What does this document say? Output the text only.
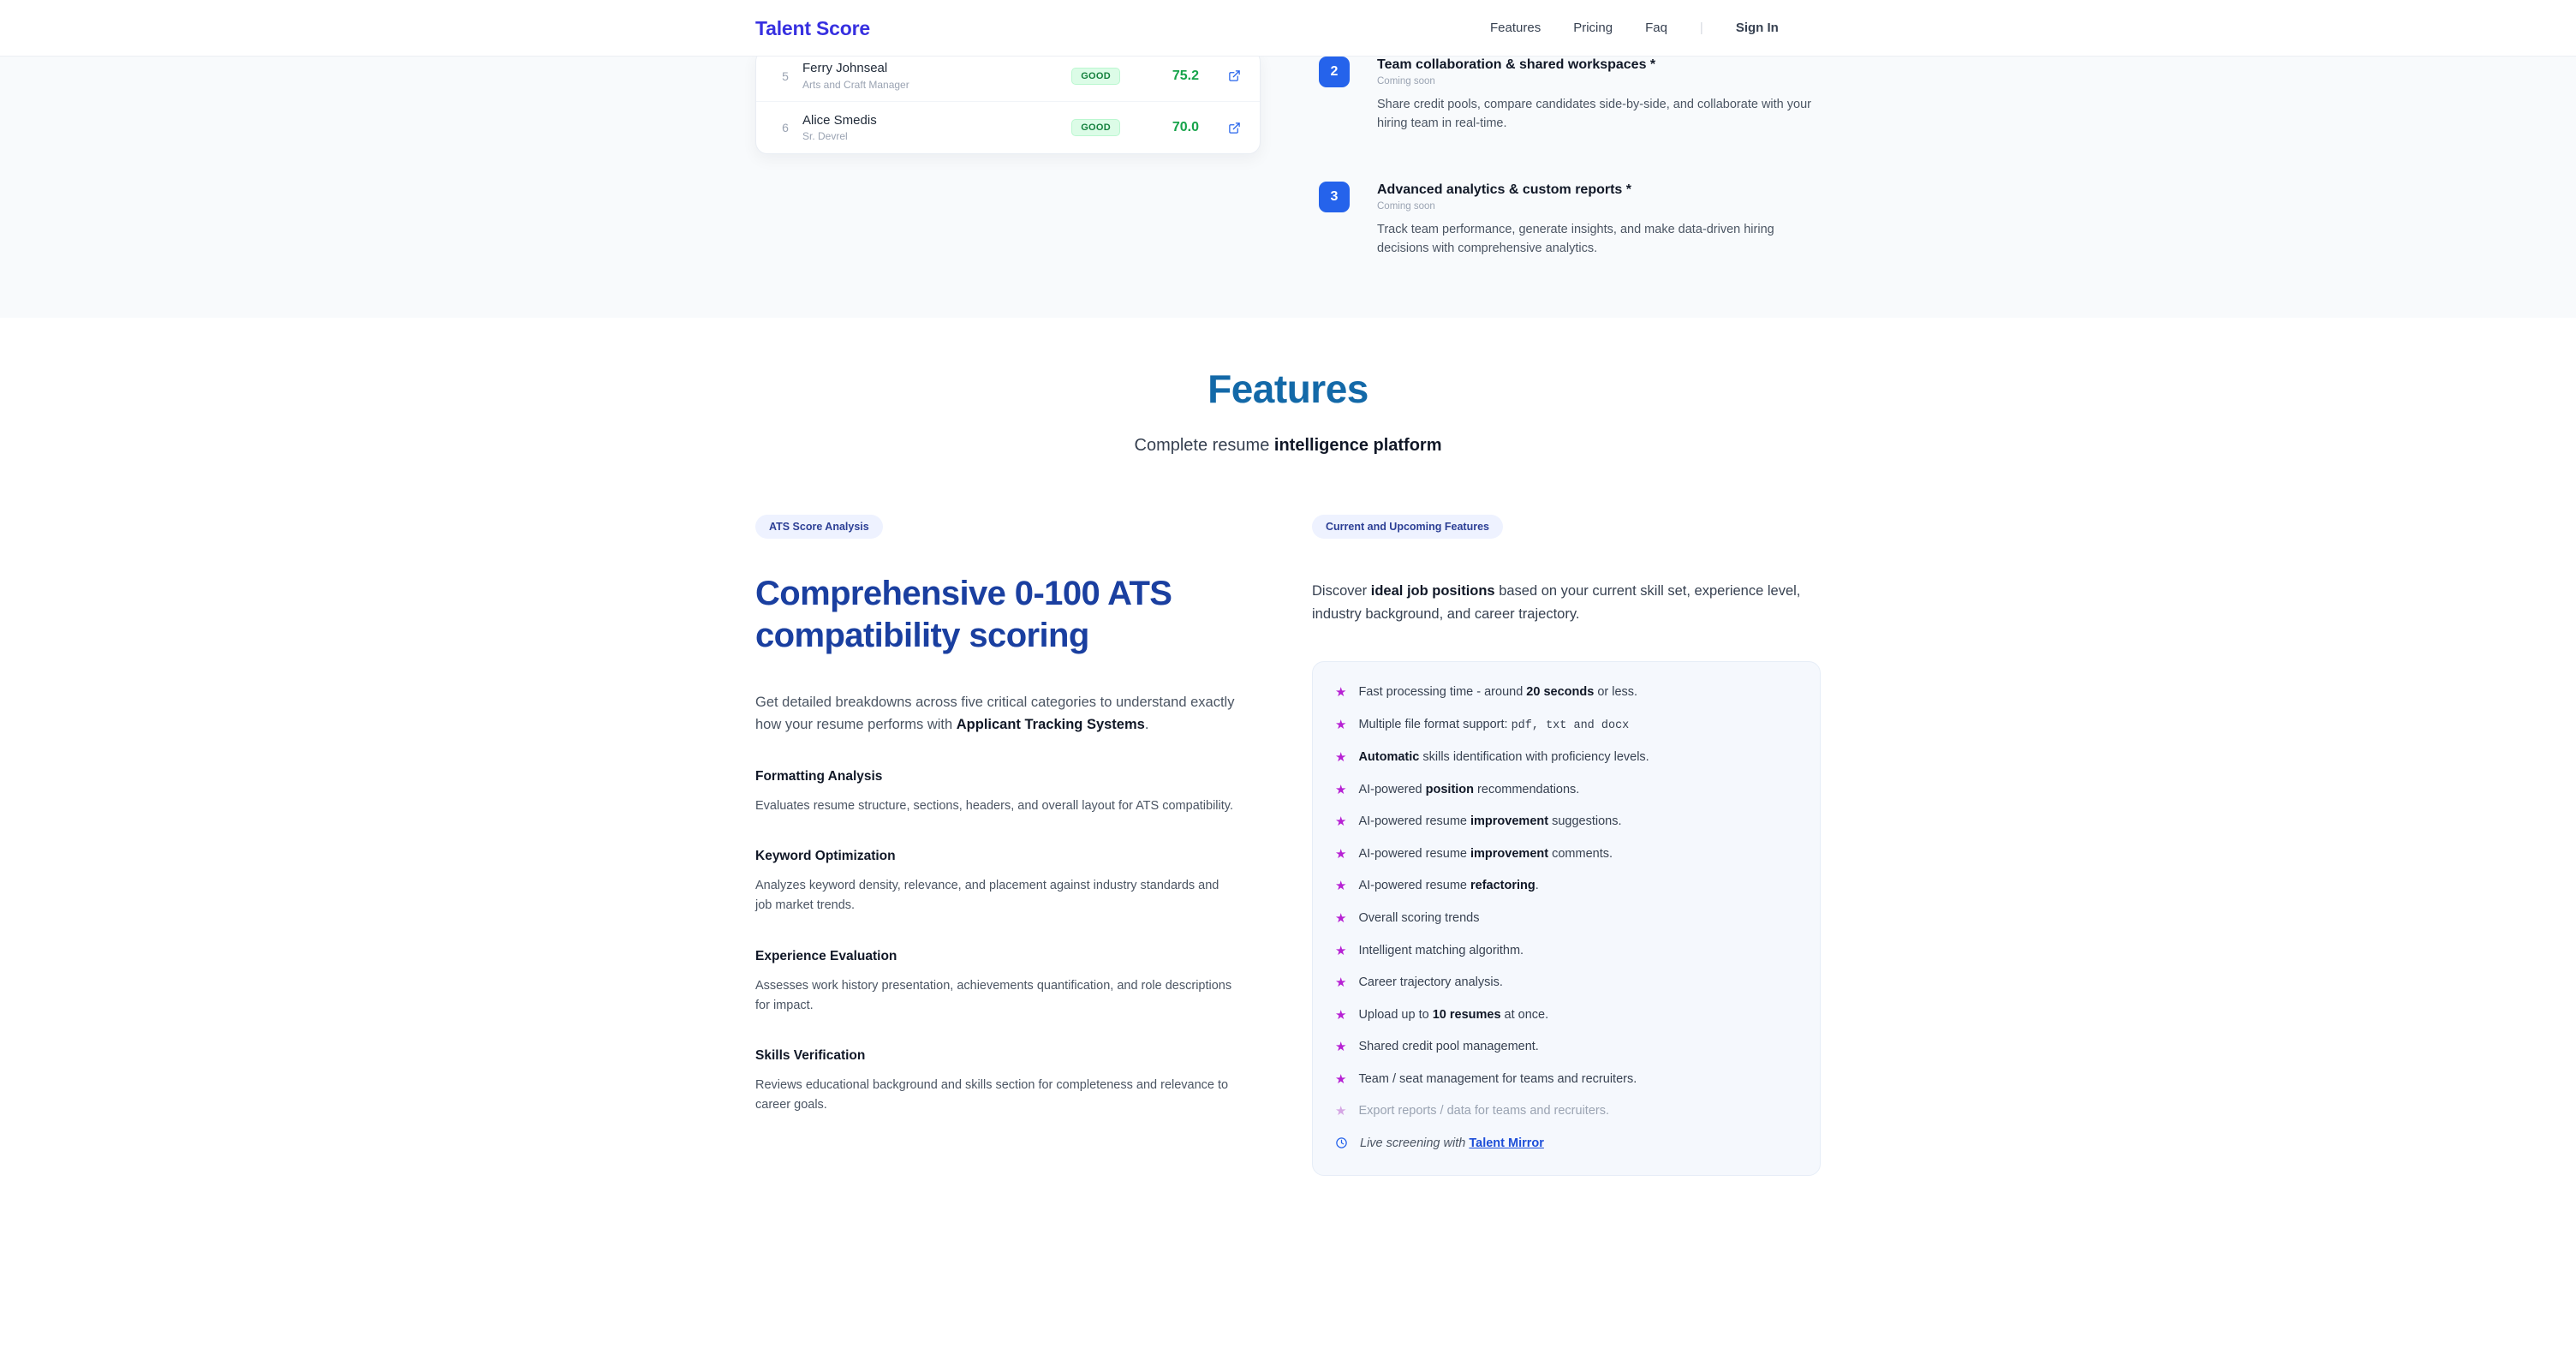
Talent Score	Features	Pricing	Faq	|	Sign In
5
Ferry Johnseal
Arts and Craft Manager
GOOD	75.2
6
Alice Smedis
Sr. Devrel
GOOD	70.0
2	Team collaboration & shared workspaces *
Coming soon
Share credit pools, compare candidates side-by-side, and collaborate with your hiring team in real-time.
3	Advanced analytics & custom reports *
Coming soon
Track team performance, generate insights, and make data-driven hiring decisions with comprehensive analytics.
Features
Complete resume intelligence platform
ATS Score Analysis
Comprehensive 0-100 ATS compatibility scoring
Get detailed breakdowns across five critical categories to understand exactly how your resume performs with Applicant Tracking Systems.
Formatting Analysis
Evaluates resume structure, sections, headers, and overall layout for ATS compatibility.
Keyword Optimization
Analyzes keyword density, relevance, and placement against industry standards and job market trends.
Experience Evaluation
Assesses work history presentation, achievements quantification, and role descriptions for impact.
Skills Verification
Reviews educational background and skills section for completeness and relevance to career goals.
Current and Upcoming Features
Discover ideal job positions based on your current skill set, experience level, industry background, and career trajectory.
★ Fast processing time - around 20 seconds or less.
★ Multiple file format support: pdf, txt and docx
★ Automatic skills identification with proficiency levels.
★ AI-powered position recommendations.
★ AI-powered resume improvement suggestions.
★ AI-powered resume improvement comments.
★ AI-powered resume refactoring.
★ Overall scoring trends
★ Intelligent matching algorithm.
★ Career trajectory analysis.
★ Upload up to 10 resumes at once.
★ Shared credit pool management.
★ Team / seat management for teams and recruiters.
★ Export reports / data for teams and recruiters.
Live screening with Talent Mirror
